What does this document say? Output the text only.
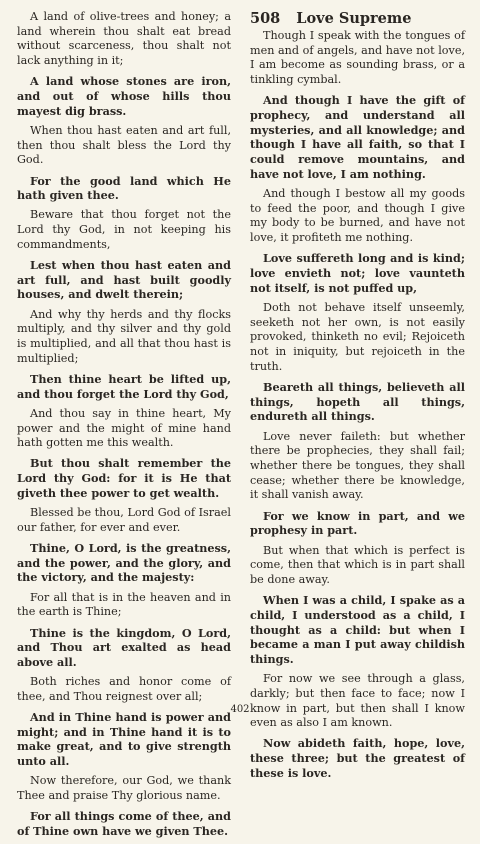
A land of olive-trees and honey; a land wherein thou shalt eat bread without scarceness, thou shalt not lack anything in it;

A land whose stones are iron, and out of whose hills thou mayest dig brass.

When thou hast eaten and art full, then thou shalt bless the Lord thy God.

For the good land which He hath given thee.

Beware that thou forget not the Lord thy God, in not keeping his commandments,

Lest when thou hast eaten and art full, and hast built goodly houses, and dwelt therein;

And why thy herds and thy flocks multiply, and thy silver and thy gold is multiplied, and all that thou hast is multiplied;

Then thine heart be lifted up, and thou forget the Lord thy God,

And thou say in thine heart, My power and the might of mine hand hath gotten me this wealth.

But thou shalt remember the Lord thy God: for it is He that giveth thee power to get wealth.

Blessed be thou, Lord God of Israel our father, for ever and ever.

Thine, O Lord, is the greatness, and the power, and the glory, and the victory, and the majesty:

For all that is in the heaven and in the earth is Thine;

Thine is the kingdom, O Lord, and Thou art exalted as head above all.

Both riches and honor come of thee, and Thou reignest over all;

And in Thine hand is power and might; and in Thine hand it is to make great, and to give strength unto all.

Now therefore, our God, we thank Thee and praise Thy glorious name.

For all things come of thee, and of Thine own have we given Thee.

508 Love Supreme

Though I speak with the tongues of men and of angels, and have not love, I am become as sounding brass, or a tinkling cymbal.

And though I have the gift of prophecy, and understand all mysteries, and all knowledge; and though I have all faith, so that I could remove mountains, and have not love, I am nothing.

And though I bestow all my goods to feed the poor, and though I give my body to be burned, and have not love, it profiteth me nothing.

Love suffereth long and is kind; love envieth not; love vaunteth not itself, is not puffed up,

Doth not behave itself unseemly, seeketh not her own, is not easily provoked, thinketh no evil; Rejoiceth not in iniquity, but rejoiceth in the truth.

Beareth all things, believeth all things, hopeth all things, endureth all things.

Love never faileth: but whether there be prophecies, they shall fail; whether there be tongues, they shall cease; whether there be knowledge, it shall vanish away.

For we know in part, and we prophesy in part.

But when that which is perfect is come, then that which is in part shall be done away.

When I was a child, I spake as a child, I understood as a child, I thought as a child: but when I became a man I put away childish things.

For now we see through a glass, darkly; but then face to face; now I know in part, but then shall I know even as also I am known.

Now abideth faith, hope, love, these three; but the greatest of these is love.

402
